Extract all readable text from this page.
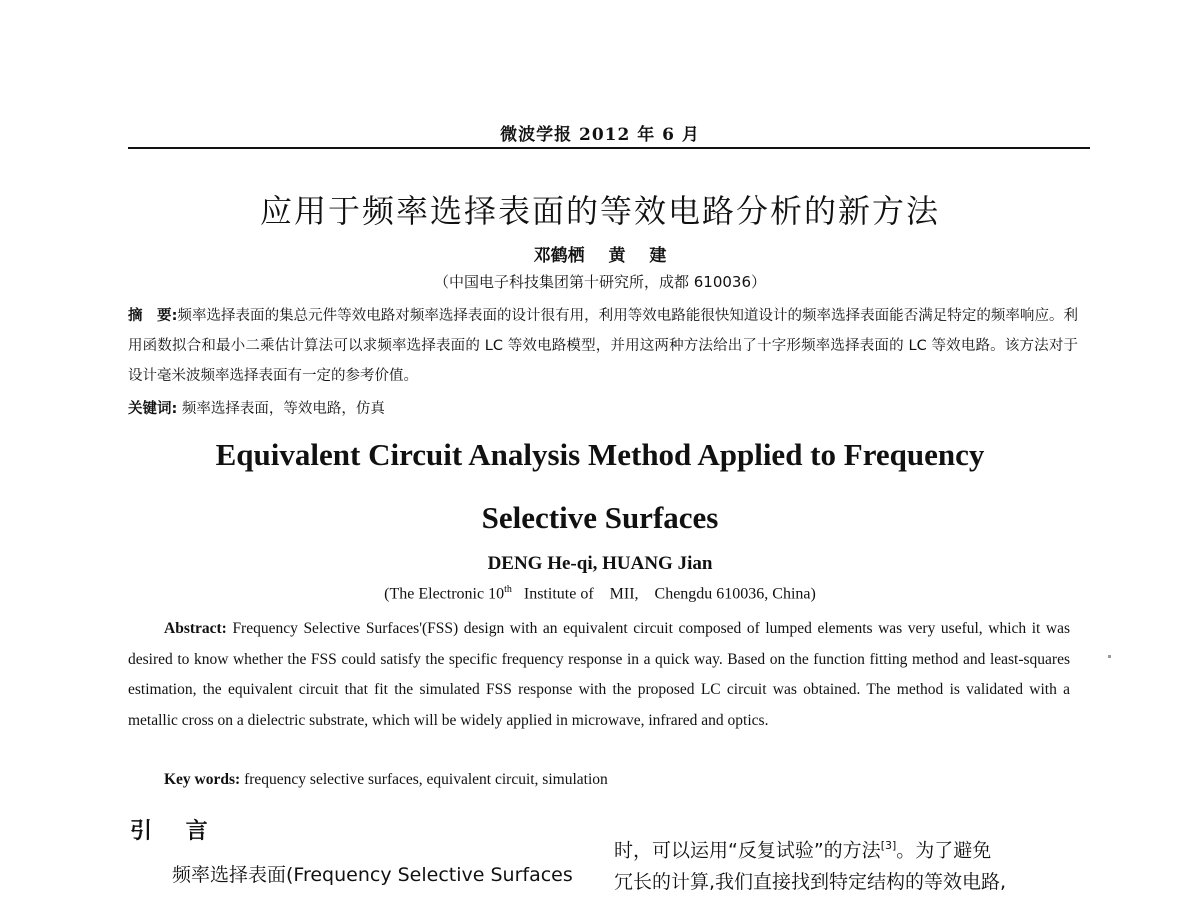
微波学报 2012 年 6 月
应用于频率选择表面的等效电路分析的新方法
邓鹤栖 黄 建
（中国电子科技集团第十研究所，成都 610036）
摘　要:频率选择表面的集总元件等效电路对频率选择表面的设计很有用，利用等效电路能很快知道设计的频率选择表面能否满足特定的频率响应。利用函数拟合和最小二乘估计算法可以求频率选择表面的 LC 等效电路模型，并用这两种方法给出了十字形频率选择表面的 LC 等效电路。该方法对于设计毫米波频率选择表面有一定的参考价值。
关键词: 频率选择表面，等效电路，仿真
Equivalent Circuit Analysis Method Applied to Frequency
Selective Surfaces
DENG He-qi, HUANG Jian
(The Electronic 10th   Institute of    MII,    Chengdu 610036, China)
Abstract: Frequency Selective Surfaces'(FSS) design with an equivalent circuit composed of lumped elements was very useful, which it was desired to know whether the FSS could satisfy the specific frequency response in a quick way. Based on the function fitting method and least-squares estimation, the equivalent circuit that fit the simulated FSS response with the proposed LC circuit was obtained. The method is validated with a metallic cross on a dielectric substrate, which will be widely applied in microwave, infrared and optics.
Key words: frequency selective surfaces, equivalent circuit, simulation
引 言
频率选择表面(Frequency Selective Surfaces
时，可以运用“反复试验”的方法[3]。为了避免
冗长的计算,我们直接找到特定结构的等效电路,
